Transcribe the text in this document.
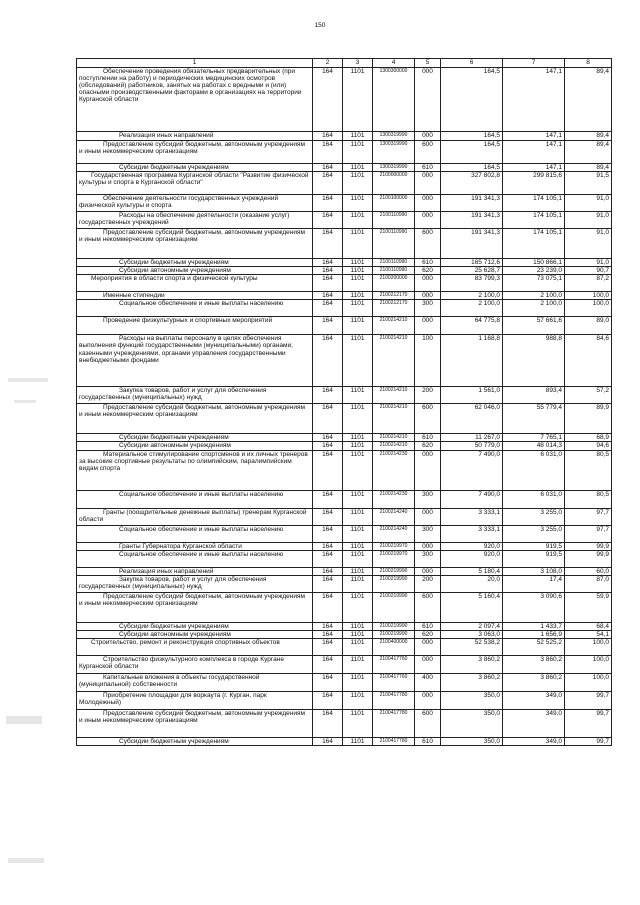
150
1	2	3	4	5	6	7	8
Обеспечение проведения обязательных предварительных (при поступлении на работу) и периодических медицинских осмотров (обследований) работников, занятых на работах с вредными и (или) опасными производственными факторами в организациях на территории Курганской области	164	1101	1300300000	000	164,5	147,1	89,4
Реализация иных направлений	164	1101	1300319990	000	164,5	147,1	89,4
Предоставление субсидий бюджетным, автономным учреждениям и иным некоммерческим организациям	164	1101	1300319990	600	164,5	147,1	89,4
Субсидии бюджетным учреждениям	164	1101	1300319990	610	164,5	147,1	89,4
Государственная программа Курганской области "Развитие физической культуры и спорта в Курганской области"	164	1101	2100000000	000	327 802,8	299 815,6	91,5
Обеспечение деятельности государственных учреждений физической культуры и спорта	164	1101	2100100000	000	191 341,3	174 105,1	91,0
Расходы на обеспечение деятельности (оказание услуг) государственных учреждений	164	1101	2100110990	000	191 341,3	174 105,1	91,0
Предоставление субсидий бюджетным, автономным учреждениям и иным некоммерческим организациям	164	1101	2100110990	600	191 341,3	174 105,1	91,0
Субсидии бюджетным учреждениям	164	1101	2100110990	610	165 712,6	150 866,1	91,0
Субсидии автономным учреждениям	164	1101	2100110990	620	25 628,7	23 239,0	90,7
Мероприятия в области спорта и физической культуры	164	1101	2100200000	000	83 799,3	73 075,1	87,2
Именные стипендии	164	1101	2100212170	000	2 100,0	2 100,0	100,0
Социальное обеспечение и иные выплаты населению	164	1101	2100212170	300	2 100,0	2 100,0	100,0
Проведение физкультурных и спортивных мероприятий	164	1101	2100214210	000	64 775,8	57 661,6	89,0
Расходы на выплаты персоналу в целях обеспечения выполнения функций государственными (муниципальными) органами, казенными учреждениями, органами управления государственными внебюджетными фондами	164	1101	2100214210	100	1 168,8	988,8	84,6
Закупка товаров, работ и услуг для обеспечения государственных (муниципальных) нужд	164	1101	2100214210	200	1 561,0	893,4	57,2
Предоставление субсидий бюджетным, автономным учреждениям и иным некоммерческим организациям	164	1101	2100214210	600	62 046,0	55 779,4	89,9
Субсидии бюджетным учреждениям	164	1101	2100214210	610	11 267,0	7 765,1	68,9
Субсидии автономным учреждениям	164	1101	2100214210	620	50 779,0	48 014,3	94,6
Материальное стимулирование спортсменов и их личных тренеров за высокие спортивные результаты по олимпийским, паралимпийским видам спорта	164	1101	2100214230	000	7 490,0	6 031,0	80,5
Социальное обеспечение и иные выплаты населению	164	1101	2100214230	300	7 490,0	6 031,0	80,5
Гранты (поощрительные денежные выплаты) тренерам Курганской области	164	1101	2100214240	000	3 333,1	3 255,0	97,7
Социальное обеспечение и иные выплаты населению	164	1101	2100214240	300	3 333,1	3 255,0	97,7
Гранты Губернатора Курганской области	164	1101	2100219970	000	920,0	919,5	99,9
Социальное обеспечение и иные выплаты населению	164	1101	2100219970	300	920,0	919,5	99,9
Реализация иных направлений	164	1101	2100219990	000	5 180,4	3 108,0	60,0
Закупка товаров, работ и услуг для обеспечения государственных (муниципальных) нужд	164	1101	2100219990	200	20,0	17,4	87,0
Предоставление субсидий бюджетным, автономным учреждениям и иным некоммерческим организациям	164	1101	2100219990	600	5 160,4	3 090,6	59,9
Субсидии бюджетным учреждениям	164	1101	2100219990	610	2 097,4	1 433,7	68,4
Субсидии автономным учреждениям	164	1101	2100219990	620	3 063,0	1 656,9	54,1
Строительство, ремонт и реконструкция спортивных объектов	164	1101	2100400000	000	52 538,2	52 525,2	100,0
Строительство физкультурного комплекса в городе Кургане Курганской области	164	1101	2100417760	000	3 860,2	3 860,2	100,0
Капитальные вложения в объекты государственной (муниципальной) собственности	164	1101	2100417760	400	3 860,2	3 860,2	100,0
Приобретение площадки для воркаута (г. Курган, парк Молодежный)	164	1101	2100417780	000	350,0	349,0	99,7
Предоставление субсидий бюджетным, автономным учреждениям и иным некоммерческим организациям	164	1101	2100417780	600	350,0	349,0	99,7
Субсидии бюджетным учреждениям	164	1101	2100417780	610	350,0	349,0	99,7
